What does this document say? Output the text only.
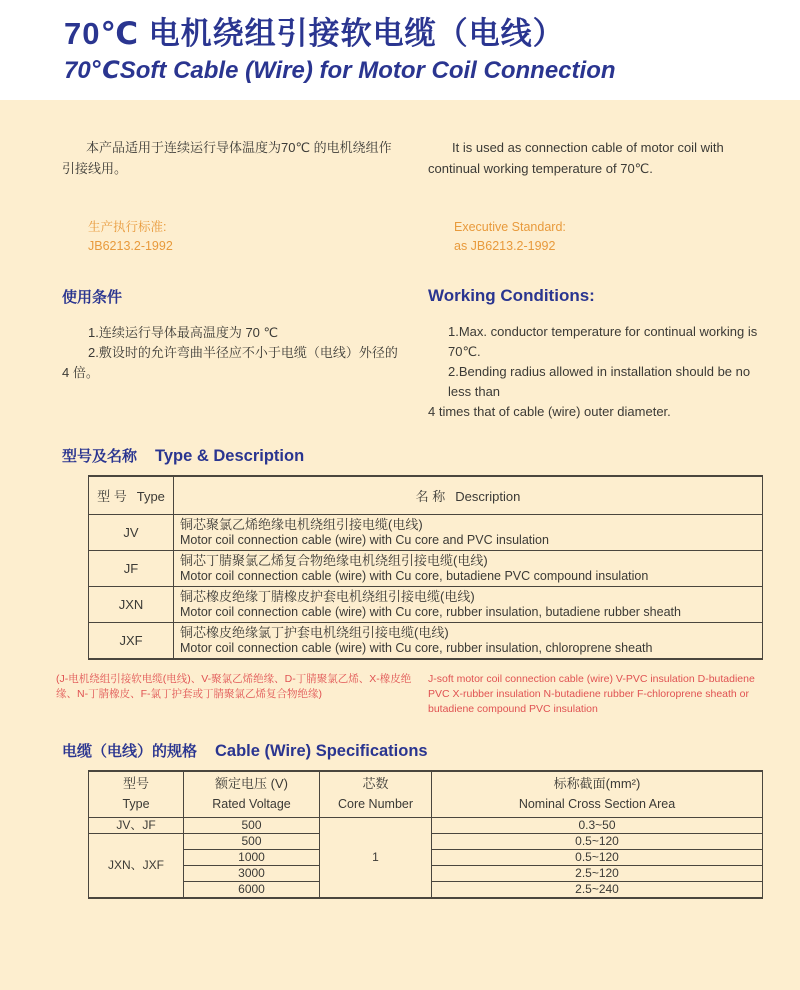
70℃ 电机绕组引接软电缆（电线）
70℃Soft Cable (Wire) for Motor Coil Connection

本产品适用于连续运行导体温度为70℃ 的电机绕组作引接线用。

It is used as connection cable of motor coil with continual working temperature of 70℃.

生产执行标准:
JB6213.2-1992
Executive Standard:
as JB6213.2-1992
使用条件
1.连续运行导体最高温度为 70 ℃
2.敷设时的允许弯曲半径应不小于电缆（电线）外径的
4 倍。
Working Conditions:
1.Max. conductor temperature for continual working is 70℃.
2.Bending radius allowed in installation should be no less than
4 times that of cable (wire) outer diameter.
型号及名称 Type & Description
型 号 Type	名 称 Description
JV	铜芯聚氯乙烯绝缘电机绕组引接电缆(电线)
Motor coil connection cable (wire) with Cu core and PVC insulation

JF	铜芯丁腈聚氯乙烯复合物绝缘电机绕组引接电缆(电线)
Motor coil connection cable (wire) with Cu core, butadiene PVC compound insulation

JXN	铜芯橡皮绝缘丁腈橡皮护套电机绕组引接电缆(电线)
Motor coil connection cable (wire) with Cu core, rubber insulation, butadiene rubber sheath

JXF	铜芯橡皮绝缘氯丁护套电机绕组引接电缆(电线)
Motor coil connection cable (wire) with Cu core, rubber insulation, chloroprene sheath
(J-电机绕组引接软电缆(电线)、V-聚氯乙烯绝缘、D-丁腈聚氯乙烯、X-橡皮绝缘、N-丁腈橡皮、F-氯丁护套或丁腈聚氯乙烯复合物绝缘)
J-soft motor coil connection cable (wire) V-PVC insulation D-butadiene PVC X-rubber insulation N-butadiene rubber F-chloroprene sheath or butadiene compound PVC insulation
电缆（电线）的规格 Cable (Wire) Specifications
型号
Type

额定电压 (V)
Rated Voltage

芯数
Core Number

标称截面(mm²)
Nominal Cross Section Area

JV、JF	500	1	0.3~50
JXN、JXF	500		0.5~120
	1000		0.5~120
	3000		2.5~120
	6000		2.5~240
